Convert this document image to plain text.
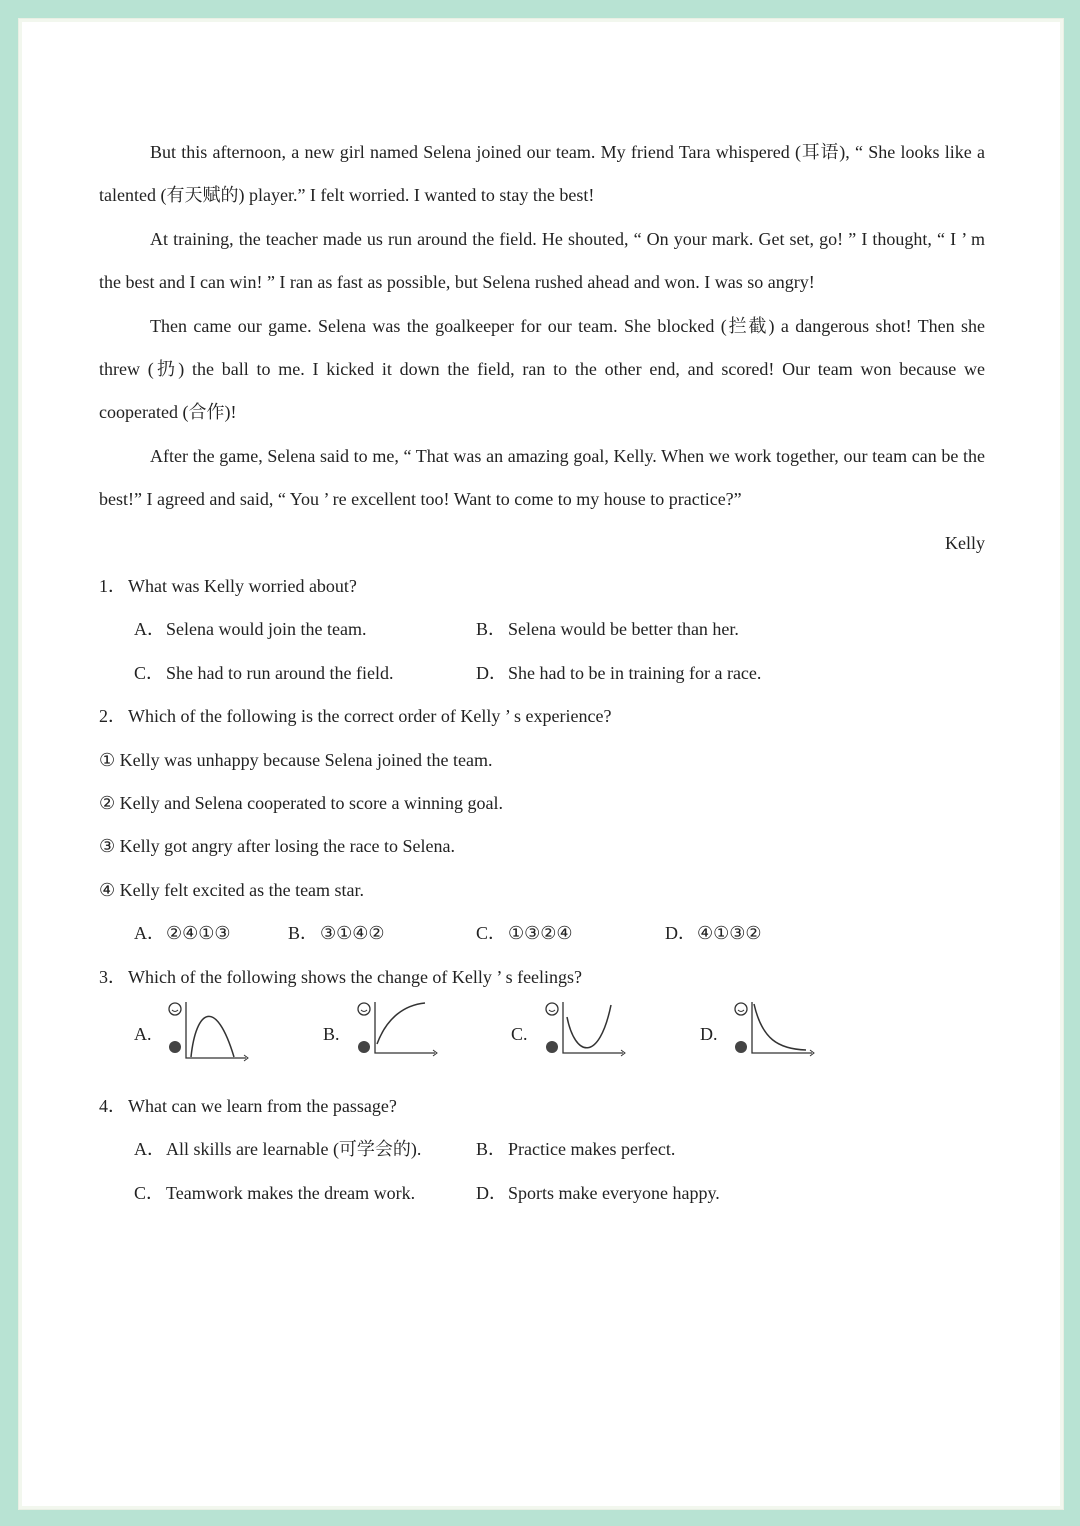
But this afternoon, a new girl named Selena joined our team. My friend Tara whispered (耳语), “ She looks like a talented (有天赋的) player.” I felt worried. I wanted to stay the best!

At training, the teacher made us run around the field. He shouted, “ On your mark. Get set, go! ” I thought, “ I ’ m the best and I can win! ” I ran as fast as possible, but Selena rushed ahead and won. I was so angry!

Then came our game. Selena was the goalkeeper for our team. She blocked (拦截) a dangerous shot! Then she threw (扔) the ball to me. I kicked it down the field, ran to the other end, and scored! Our team won because we cooperated (合作)!

After the game, Selena said to me, “ That was an amazing goal, Kelly. When we work together, our team can be the best!” I agreed and said, “ You ’ re excellent too! Want to come to my house to practice?”

Kelly
1． What was Kelly worried about?
A．Selena would join the team.	B． Selena would be better than her.
C． She had to run around the field.	D．She had to be in training for a race.
2． Which of the following is the correct order of Kelly ’ s experience?

① Kelly was unhappy because Selena joined the team.

② Kelly and Selena cooperated to score a winning goal.

③ Kelly got angry after losing the race to Selena.

④ Kelly felt excited as the team star.

A．②④①③	B． ③①④②	C． ①③②④	D．④①③②
3． Which of the following shows the change of Kelly ’ s feelings?
A.	B.	C.	D.
4． What can we learn from the passage?
A．All skills are learnable (可学会的).	B． Practice makes perfect.
C． Teamwork makes the dream work.	D．Sports make everyone happy.
